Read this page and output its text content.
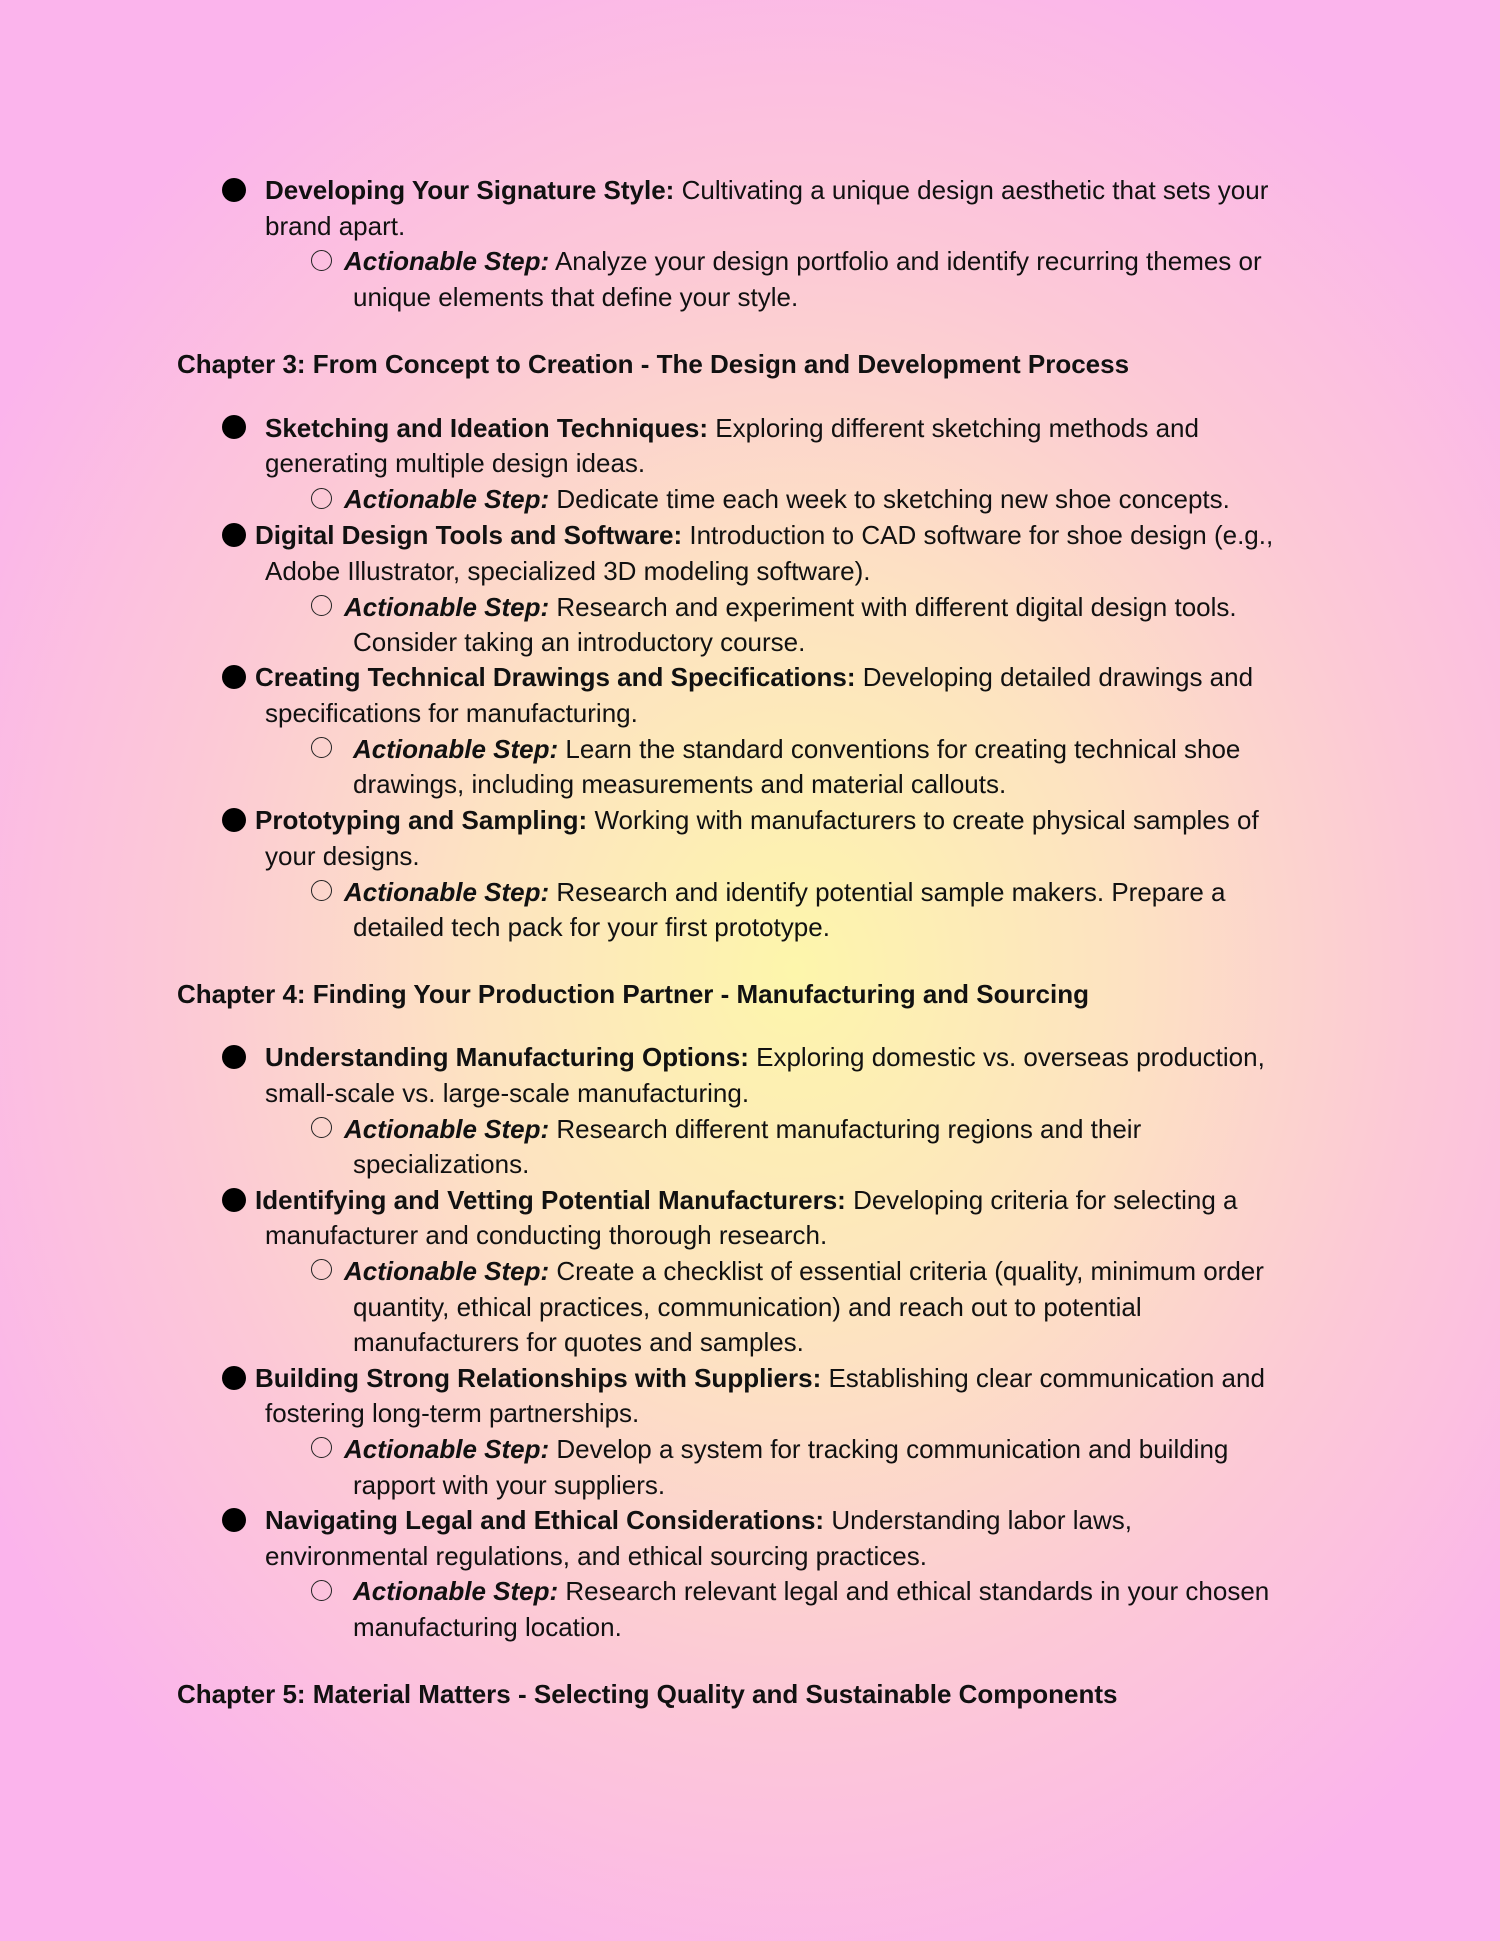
Developing Your Signature Style: Cultivating a unique design aesthetic that sets your
brand apart.
Actionable Step: Analyze your design portfolio and identify recurring themes or
unique elements that define your style.
Chapter 3: From Concept to Creation - The Design and Development Process
Sketching and Ideation Techniques: Exploring different sketching methods and
generating multiple design ideas.
Actionable Step: Dedicate time each week to sketching new shoe concepts.
Digital Design Tools and Software: Introduction to CAD software for shoe design (e.g.,
Adobe Illustrator, specialized 3D modeling software).
Actionable Step: Research and experiment with different digital design tools.
Consider taking an introductory course.
Creating Technical Drawings and Specifications: Developing detailed drawings and
specifications for manufacturing.
Actionable Step: Learn the standard conventions for creating technical shoe
drawings, including measurements and material callouts.
Prototyping and Sampling: Working with manufacturers to create physical samples of
your designs.
Actionable Step: Research and identify potential sample makers. Prepare a
detailed tech pack for your first prototype.
Chapter 4: Finding Your Production Partner - Manufacturing and Sourcing
Understanding Manufacturing Options: Exploring domestic vs. overseas production,
small-scale vs. large-scale manufacturing.
Actionable Step: Research different manufacturing regions and their
specializations.
Identifying and Vetting Potential Manufacturers: Developing criteria for selecting a
manufacturer and conducting thorough research.
Actionable Step: Create a checklist of essential criteria (quality, minimum order
quantity, ethical practices, communication) and reach out to potential
manufacturers for quotes and samples.
Building Strong Relationships with Suppliers: Establishing clear communication and
fostering long-term partnerships.
Actionable Step: Develop a system for tracking communication and building
rapport with your suppliers.
Navigating Legal and Ethical Considerations: Understanding labor laws,
environmental regulations, and ethical sourcing practices.
Actionable Step: Research relevant legal and ethical standards in your chosen
manufacturing location.
Chapter 5: Material Matters - Selecting Quality and Sustainable Components
